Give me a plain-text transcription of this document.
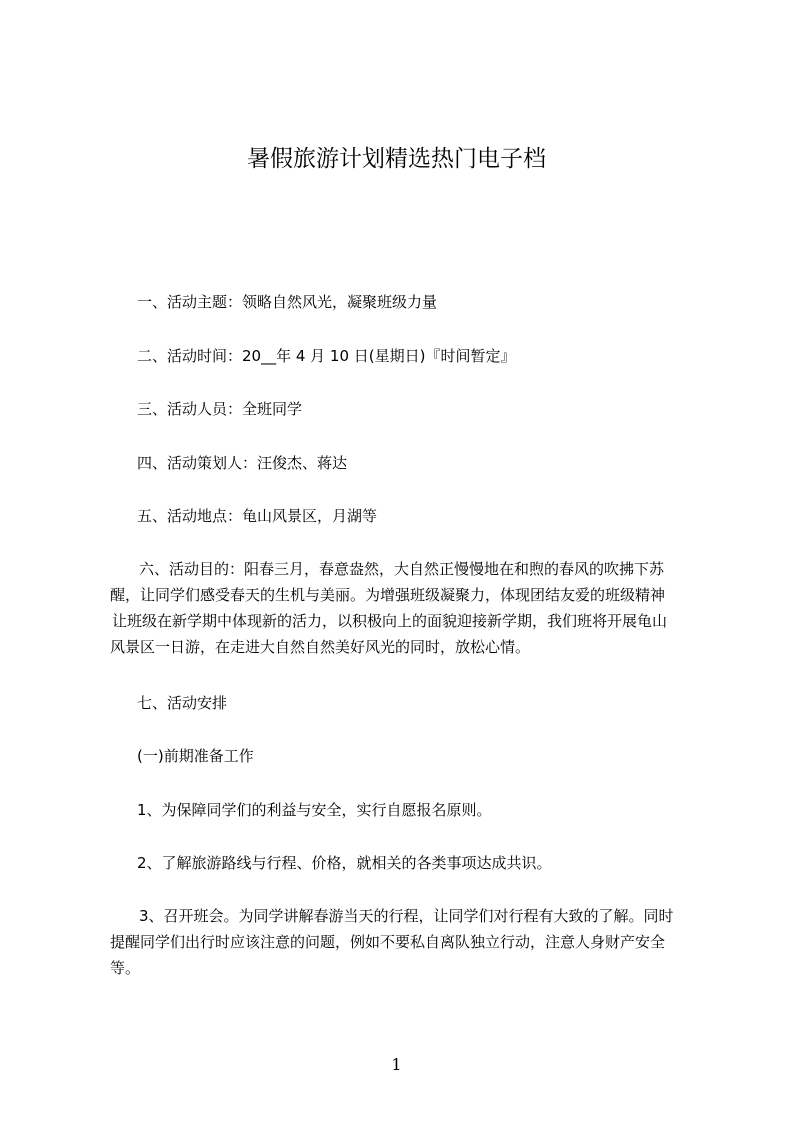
暑假旅游计划精选热门电子档
一、活动主题：领略自然风光，凝聚班级力量
二、活动时间：20__年 4 月 10 日(星期日)『时间暂定』
三、活动人员：全班同学
四、活动策划人：汪俊杰、蒋达
五、活动地点：龟山风景区，月湖等
六、活动目的：阳春三月，春意盎然，大自然正慢慢地在和煦的春风的吹拂下苏
醒，让同学们感受春天的生机与美丽。为增强班级凝聚力，体现团结友爱的班级精神
让班级在新学期中体现新的活力，以积极向上的面貌迎接新学期，我们班将开展龟山
风景区一日游，在走进大自然自然美好风光的同时，放松心情。
七、活动安排
(一)前期准备工作
1、为保障同学们的利益与安全，实行自愿报名原则。
2、了解旅游路线与行程、价格，就相关的各类事项达成共识。
3、召开班会。为同学讲解春游当天的行程，让同学们对行程有大致的了解。同时
提醒同学们出行时应该注意的问题，例如不要私自离队独立行动，注意人身财产安全
等。
1
